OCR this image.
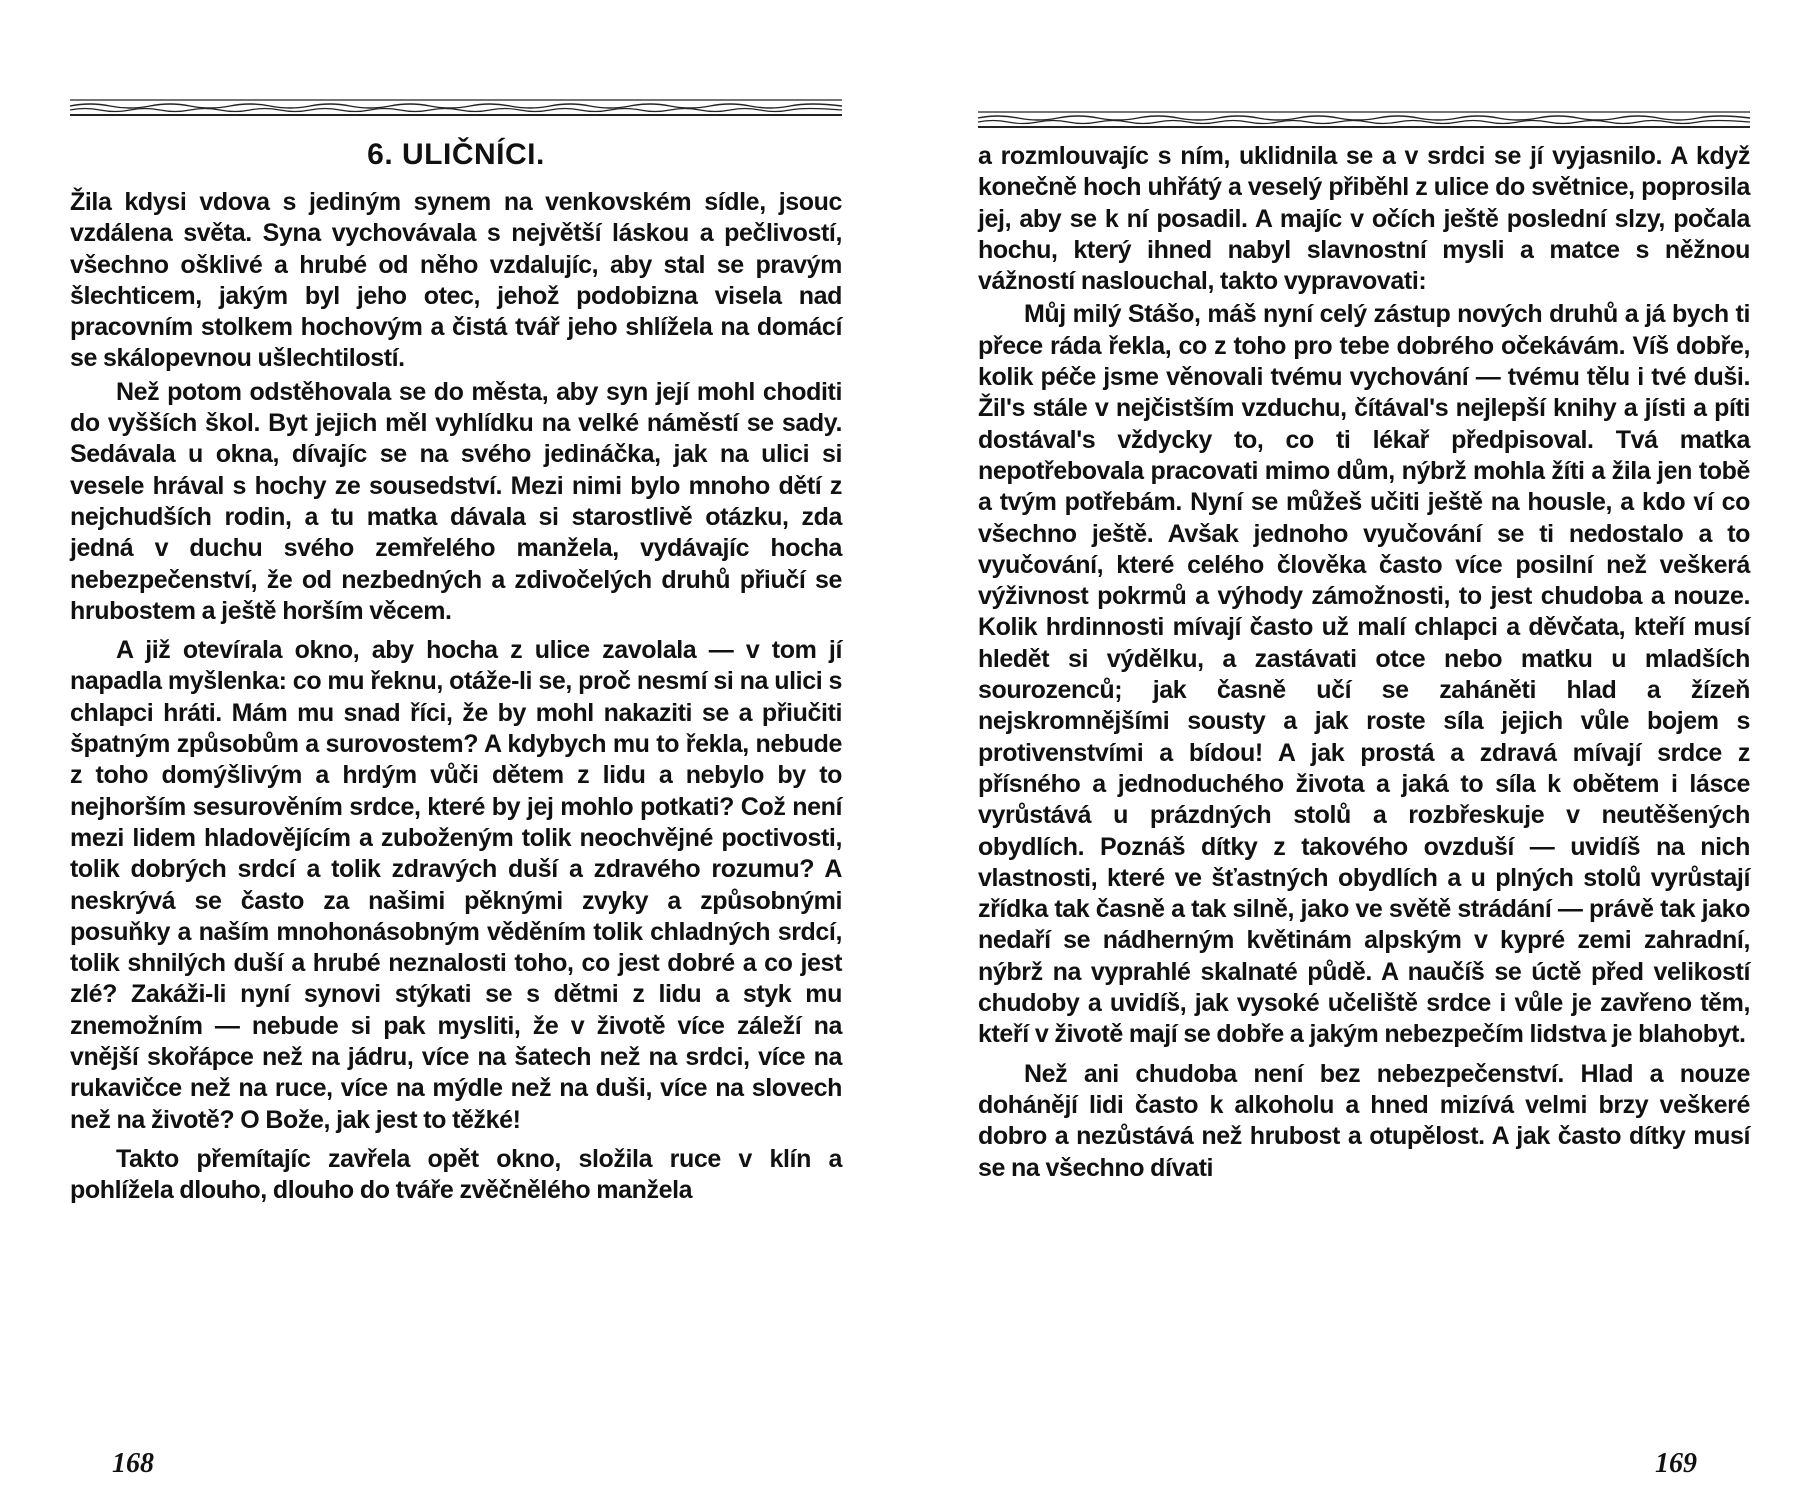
6. ULIČNÍCI.

Žila kdysi vdova s jediným synem na venkovském sídle, jsouc vzdálena světa. Syna vychovávala s největší láskou a pečlivostí, všechno ošklivé a hrubé od něho vzdalujíc, aby stal se pravým šlechticem, jakým byl jeho otec, jehož podobizna visela nad pracovním stolkem hochovým a čistá tvář jeho shlížela na domácí se skálopevnou ušlechtilostí.

Než potom odstěhovala se do města, aby syn její mohl choditi do vyšších škol. Byt jejich měl vyhlídku na velké náměstí se sady. Sedávala u okna, dívajíc se na svého jedináčka, jak na ulici si vesele hrával s hochy ze sousedství. Mezi nimi bylo mnoho dětí z nejchudších rodin, a tu matka dávala si starostlivě otázku, zda jedná v duchu svého zemřelého manžela, vydávajíc hocha nebezpečenství, že od nezbedných a zdivočelých druhů přiučí se hrubostem a ještě horším věcem.

A již otevírala okno, aby hocha z ulice zavolala — v tom jí napadla myšlenka: co mu řeknu, otáže-li se, proč nesmí si na ulici s chlapci hráti. Mám mu snad říci, že by mohl nakaziti se a přiučiti špatným způsobům a surovostem? A kdybych mu to řekla, nebude z toho domýšlivým a hrdým vůči dětem z lidu a nebylo by to nejhorším sesurověním srdce, které by jej mohlo potkati? Což není mezi lidem hladovějícím a zuboženým tolik neochvějné poctivosti, tolik dobrých srdcí a tolik zdravých duší a zdravého rozumu? A neskrývá se často za našimi pěknými zvyky a způsobnými posuňky a naším mnohonásobným věděním tolik chladných srdcí, tolik shnilých duší a hrubé neznalosti toho, co jest dobré a co jest zlé? Zakáži-li nyní synovi stýkati se s dětmi z lidu a styk mu znemožním — nebude si pak mysliti, že v životě více záleží na vnější skořápce než na jádru, více na šatech než na srdci, více na rukavičce než na ruce, více na mýdle než na duši, více na slovech než na životě? O Bože, jak jest to těžké!

Takto přemítajíc zavřela opět okno, složila ruce v klín a pohlížela dlouho, dlouho do tváře zvěčnělého manžela

168

a rozmlouvajíc s ním, uklidnila se a v srdci se jí vyjasnilo. A když konečně hoch uhřátý a veselý přiběhl z ulice do světnice, poprosila jej, aby se k ní posadil. A majíc v očích ještě poslední slzy, počala hochu, který ihned nabyl slavnostní mysli a matce s něžnou vážností naslouchal, takto vypravovati:

Můj milý Stášo, máš nyní celý zástup nových druhů a já bych ti přece ráda řekla, co z toho pro tebe dobrého očekávám. Víš dobře, kolik péče jsme věnovali tvému vychování — tvému tělu i tvé duši. Žil's stále v nejčistším vzduchu, čítával's nejlepší knihy a jísti a píti dostával's vždycky to, co ti lékař předpisoval. Tvá matka nepotřebovala pracovati mimo dům, nýbrž mohla žíti a žila jen tobě a tvým potřebám. Nyní se můžeš učiti ještě na housle, a kdo ví co všechno ještě. Avšak jednoho vyučování se ti nedostalo a to vyučování, které celého člověka často více posilní než veškerá výživnost pokrmů a výhody zámožnosti, to jest chudoba a nouze. Kolik hrdinnosti mívají často už malí chlapci a děvčata, kteří musí hledět si výdělku, a zastávati otce nebo matku u mladších sourozenců; jak časně učí se zaháněti hlad a žízeň nejskromnějšími sousty a jak roste síla jejich vůle bojem s protivenstvími a bídou! A jak prostá a zdravá mívají srdce z přísného a jednoduchého života a jaká to síla k obětem i lásce vyrůstává u prázdných stolů a rozbřeskuje v neutěšených obydlích. Poznáš dítky z takového ovzduší — uvidíš na nich vlastnosti, které ve šťastných obydlích a u plných stolů vyrůstají zřídka tak časně a tak silně, jako ve světě strádání — právě tak jako nedaří se nádherným květinám alpským v kypré zemi zahradní, nýbrž na vyprahlé skalnaté půdě. A naučíš se úctě před velikostí chudoby a uvidíš, jak vysoké učeliště srdce i vůle je zavřeno těm, kteří v životě mají se dobře a jakým nebezpečím lidstva je blahobyt.

Než ani chudoba není bez nebezpečenství. Hlad a nouze dohánějí lidi často k alkoholu a hned mizívá velmi brzy veškeré dobro a nezůstává než hrubost a otupělost. A jak často dítky musí se na všechno dívati

169
